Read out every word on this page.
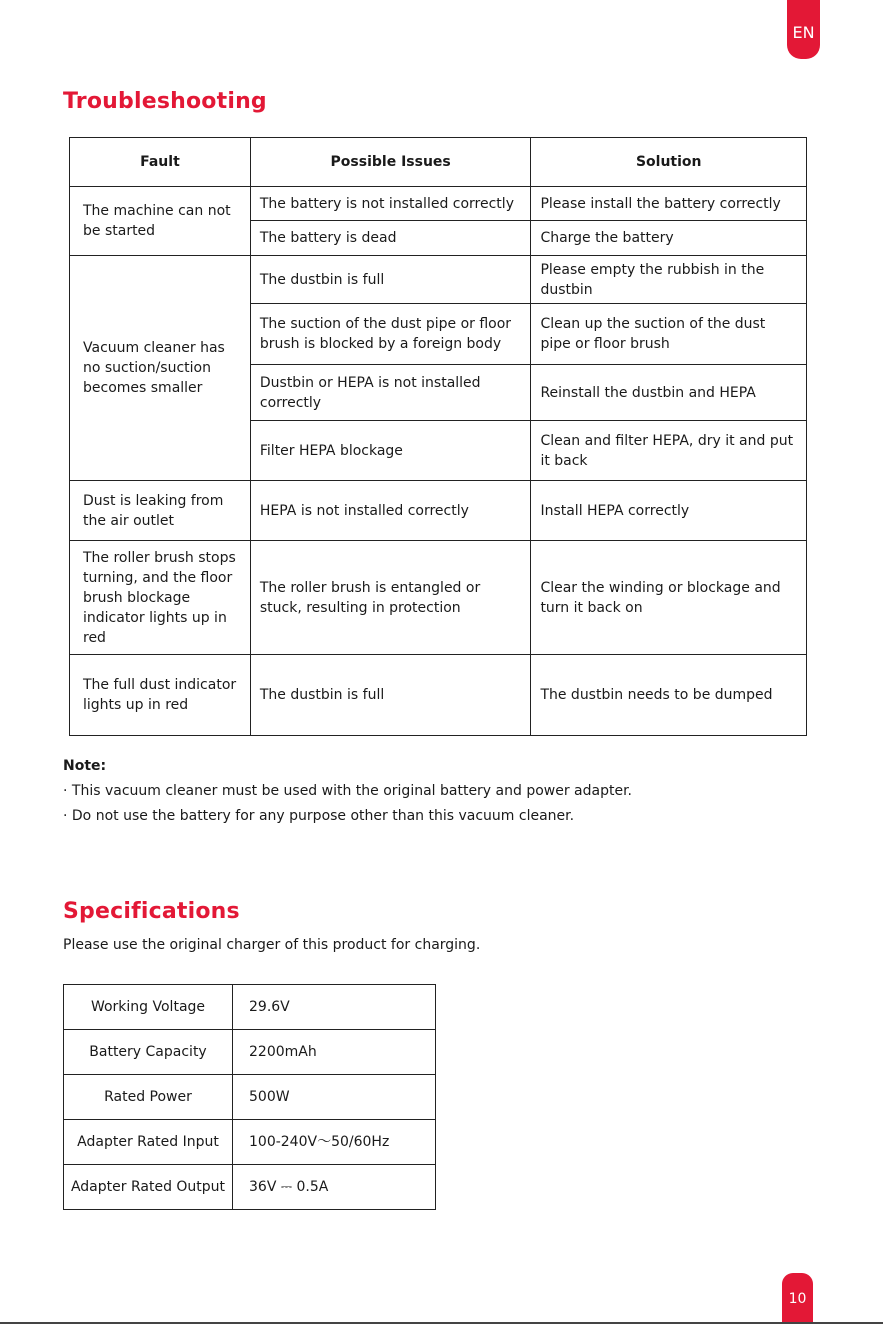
EN
Troubleshooting
Fault	Possible Issues	Solution
The machine can not be started	The battery is not installed correctly	Please install the battery correctly
	The battery is dead	Charge the battery
Vacuum cleaner has no suction/suction becomes smaller	The dustbin is full	Please empty the rubbish in the dustbin
	The suction of the dust pipe or floor brush is blocked by a foreign body	Clean up the suction of the dust pipe or floor brush
	Dustbin or HEPA is not installed correctly	Reinstall the dustbin and HEPA
	Filter HEPA blockage	Clean and filter HEPA, dry it and put it back
Dust is leaking from the air outlet	HEPA is not installed correctly	Install HEPA correctly
The roller brush stops turning, and the floor brush blockage indicator lights up in red	The roller brush is entangled or stuck, resulting in protection	Clear the winding or blockage and turn it back on
The full dust indicator lights up in red	The dustbin is full	The dustbin needs to be dumped
Note:
· This vacuum cleaner must be used with the original battery and power adapter.
· Do not use the battery for any purpose other than this vacuum cleaner.
Specifications
Please use the original charger of this product for charging.
Working Voltage	29.6V
Battery Capacity	2200mAh
Rated Power	500W
Adapter Rated Input	100-240V～50/60Hz
Adapter Rated Output	36V ⎓ 0.5A
10
